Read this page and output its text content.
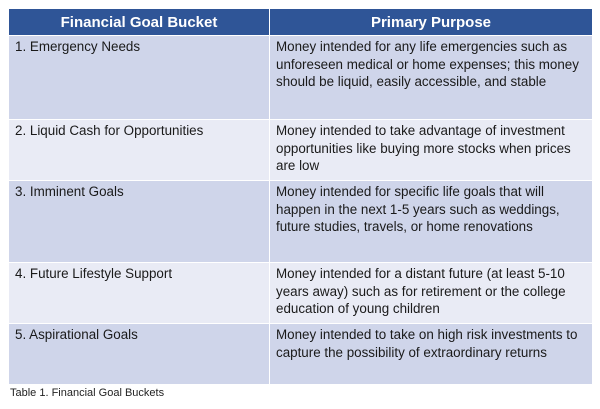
Financial Goal Bucket	Primary Purpose
1. Emergency Needs	Money intended for any life emergencies such as unforeseen medical or home expenses; this money should be liquid, easily accessible, and stable
2. Liquid Cash for Opportunities	Money intended to take advantage of investment opportunities like buying more stocks when prices are low
3. Imminent Goals	Money intended for specific life goals that will happen in the next 1-5 years such as weddings, future studies, travels, or home renovations
4. Future Lifestyle Support	Money intended for a distant future (at least 5-10 years away) such as for retirement or the college education of young children
5. Aspirational Goals	Money intended to take on high risk investments to capture the possibility of extraordinary returns
Table 1. Financial Goal Buckets
